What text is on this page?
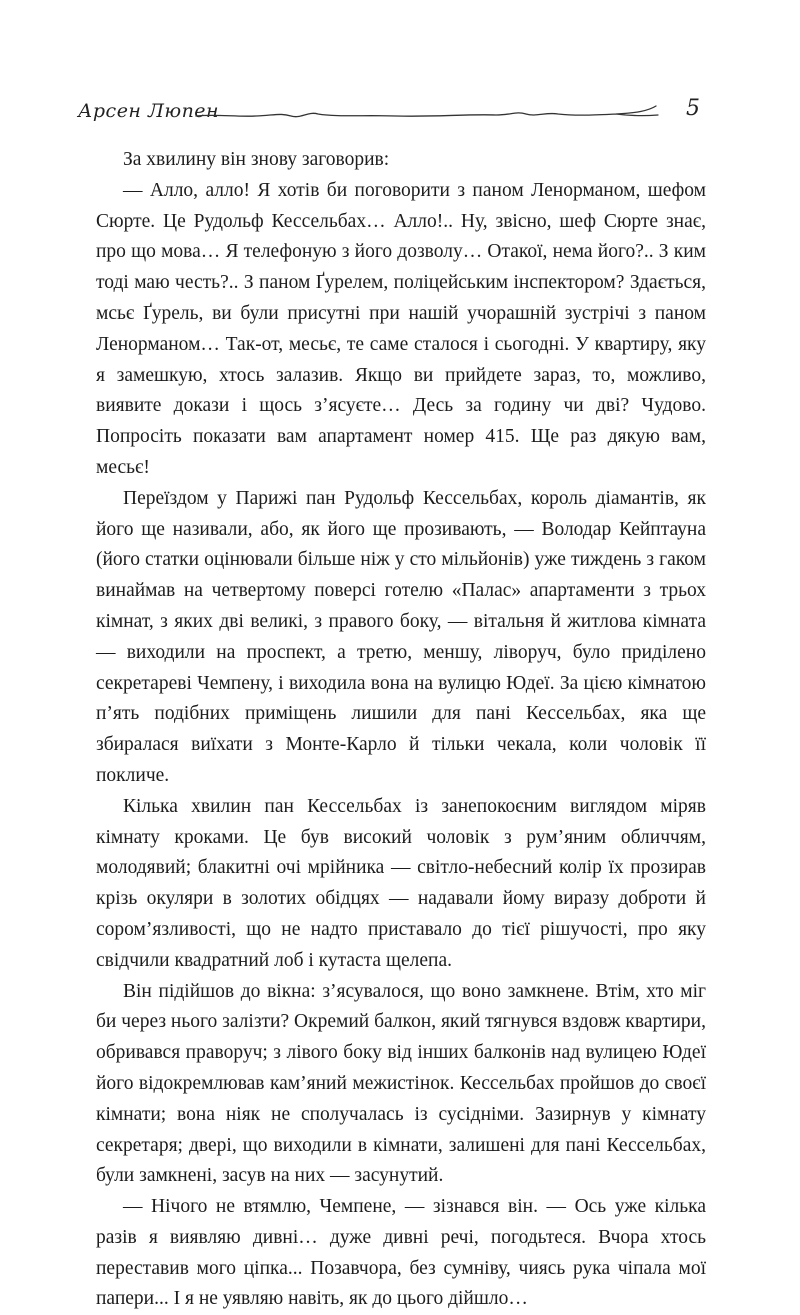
Арсен Люпен	5

За хвилину він знову заговорив:

— Алло, алло! Я хотів би поговорити з паном Ленорманом, шефом Сюрте. Це Рудольф Кессельбах… Алло!.. Ну, звісно, шеф Сюрте знає, про що мова… Я телефоную з його дозволу… Отакої, нема його?.. З ким тоді маю честь?.. З паном Ґурелем, поліцейським інспектором? Здається, мсьє Ґурель, ви були присутні при нашій учорашній зустрічі з паном Ленорманом… Так-от, месьє, те саме сталося і сьогодні. У квартиру, яку я замешкую, хтось залазив. Якщо ви прийдете зараз, то, можливо, виявите докази і щось з’ясуєте… Десь за годину чи дві? Чудово. Попросіть показати вам апартамент номер 415. Ще раз дякую вам, месьє!

Переїздом у Парижі пан Рудольф Кессельбах, король діамантів, як його ще називали, або, як його ще прозивають, — Володар Кейптауна (його статки оцінювали більше ніж у сто мільйонів) уже тиждень з гаком винаймав на четвертому поверсі готелю «Палас» апартаменти з трьох кімнат, з яких дві великі, з правого боку, — вітальня й житлова кімната — виходили на проспект, а третю, меншу, ліворуч, було приділено секретареві Чемпену, і виходила вона на вулицю Юдеї. За цією кімнатою п’ять подібних приміщень лишили для пані Кессельбах, яка ще збиралася виїхати з Монте-Карло й тільки чекала, коли чоловік її покличе.

Кілька хвилин пан Кессельбах із занепокоєним виглядом міряв кімнату кроками. Це був високий чоловік з рум’яним обличчям, молодявий; блакитні очі мрійника — світло-небесний колір їх прозирав крізь окуляри в золотих обідцях — надавали йому виразу доброти й сором’язливості, що не надто приставало до тієї рішучості, про яку свідчили квадратний лоб і кутаста щелепа.

Він підійшов до вікна: з’ясувалося, що воно замкнене. Втім, хто міг би через нього залізти? Окремий балкон, який тягнувся вздовж квартири, обривався праворуч; з лівого боку від інших балконів над вулицею Юдеї його відокремлював кам’яний межистінок. Кессельбах пройшов до своєї кімнати; вона ніяк не сполучалась із сусідніми. Зазирнув у кімнату секретаря; двері, що виходили в кімнати, залишені для пані Кессельбах, були замкнені, засув на них — засунутий.

— Нічого не втямлю, Чемпене, — зізнався він. — Ось уже кілька разів я виявляю дивні… дуже дивні речі, погодьтеся. Вчора хтось переставив мого ціпка... Позавчора, без сумніву, чиясь рука чіпала мої папери... І я не уявляю навіть, як до цього дійшло…
